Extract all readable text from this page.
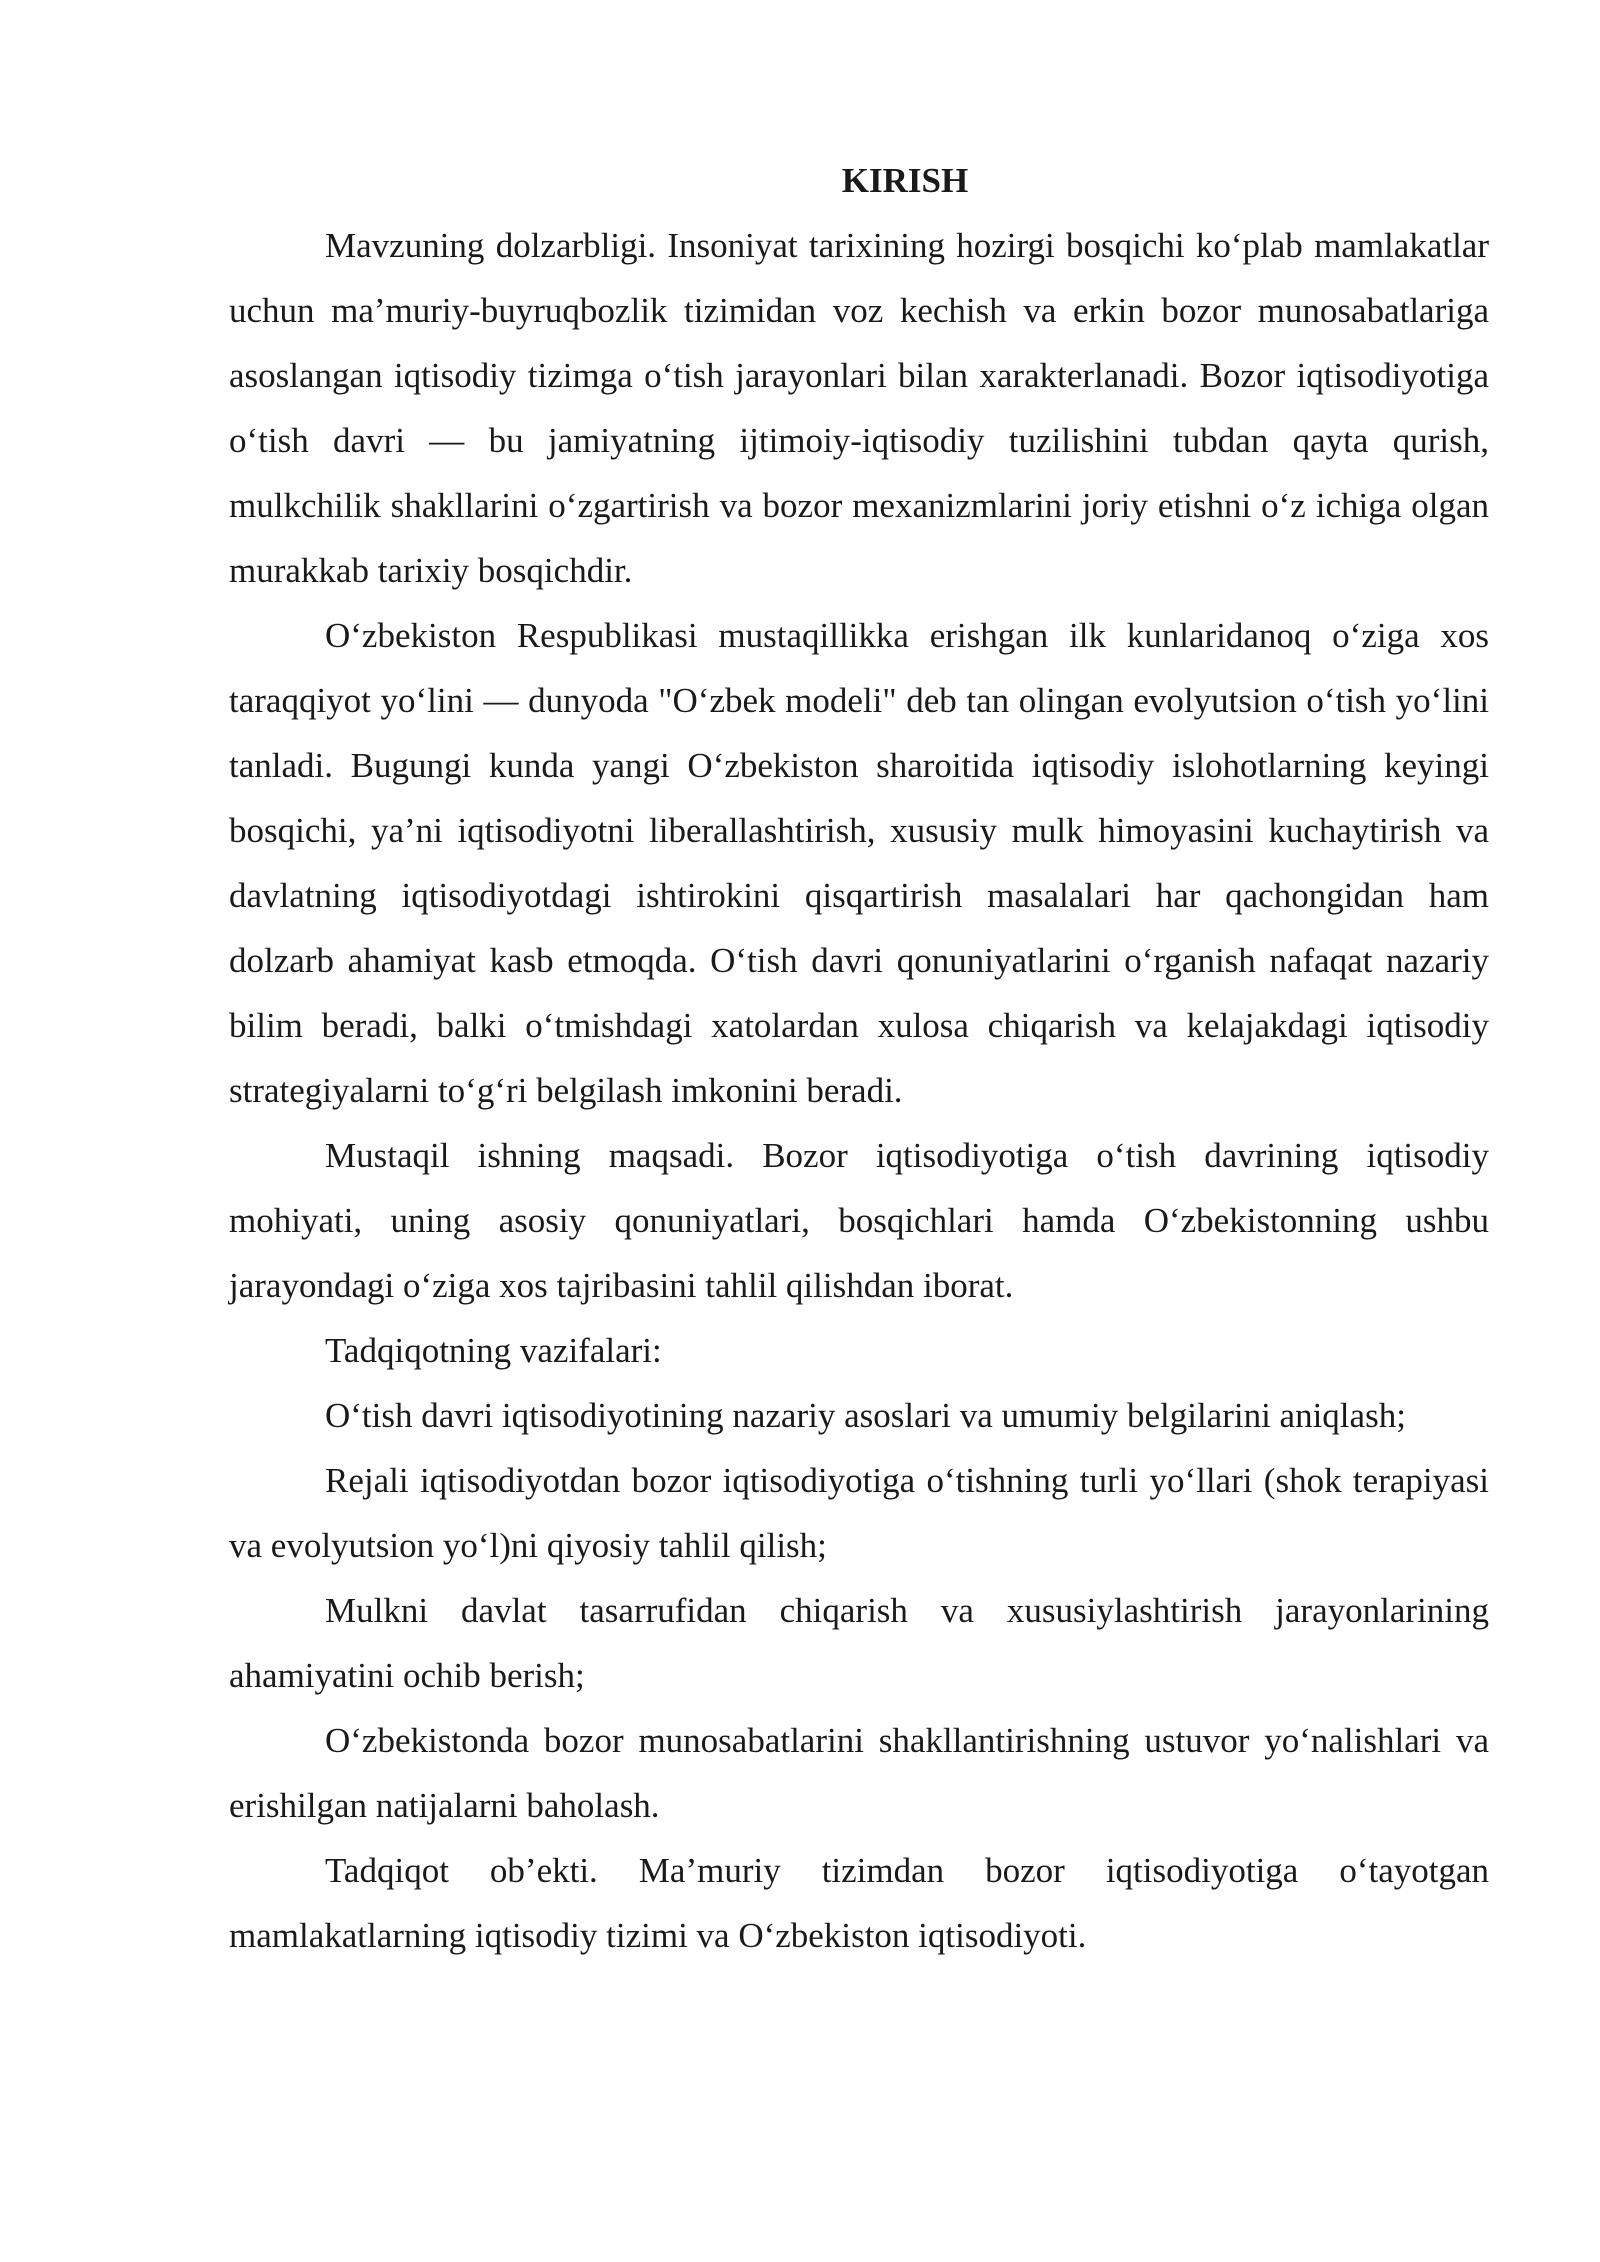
KIRISH

Mavzuning dolzarbligi. Insoniyat tarixining hozirgi bosqichi ko‘plab mamlakatlar uchun ma’muriy-buyruqbozlik tizimidan voz kechish va erkin bozor munosabatlariga asoslangan iqtisodiy tizimga o‘tish jarayonlari bilan xarakterlanadi. Bozor iqtisodiyotiga o‘tish davri — bu jamiyatning ijtimoiy-iqtisodiy tuzilishini tubdan qayta qurish, mulkchilik shakllarini o‘zgartirish va bozor mexanizmlarini joriy etishni o‘z ichiga olgan murakkab tarixiy bosqichdir.

O‘zbekiston Respublikasi mustaqillikka erishgan ilk kunlaridanoq o‘ziga xos taraqqiyot yo‘lini — dunyoda "O‘zbek modeli" deb tan olingan evolyutsion o‘tish yo‘lini tanladi. Bugungi kunda yangi O‘zbekiston sharoitida iqtisodiy islohotlarning keyingi bosqichi, ya’ni iqtisodiyotni liberallashtirish, xususiy mulk himoyasini kuchaytirish va davlatning iqtisodiyotdagi ishtirokini qisqartirish masalalari har qachongidan ham dolzarb ahamiyat kasb etmoqda. O‘tish davri qonuniyatlarini o‘rganish nafaqat nazariy bilim beradi, balki o‘tmishdagi xatolardan xulosa chiqarish va kelajakdagi iqtisodiy strategiyalarni to‘g‘ri belgilash imkonini beradi.

Mustaqil ishning maqsadi. Bozor iqtisodiyotiga o‘tish davrining iqtisodiy mohiyati, uning asosiy qonuniyatlari, bosqichlari hamda O‘zbekistonning ushbu jarayondagi o‘ziga xos tajribasini tahlil qilishdan iborat.

Tadqiqotning vazifalari:

O‘tish davri iqtisodiyotining nazariy asoslari va umumiy belgilarini aniqlash;

Rejali iqtisodiyotdan bozor iqtisodiyotiga o‘tishning turli yo‘llari (shok terapiyasi va evolyutsion yo‘l)ni qiyosiy tahlil qilish;

Mulkni davlat tasarrufidan chiqarish va xususiylashtirish jarayonlarining ahamiyatini ochib berish;

O‘zbekistonda bozor munosabatlarini shakllantirishning ustuvor yo‘nalishlari va erishilgan natijalarni baholash.

Tadqiqot ob’ekti. Ma’muriy tizimdan bozor iqtisodiyotiga o‘tayotgan mamlakatlarning iqtisodiy tizimi va O‘zbekiston iqtisodiyoti.
